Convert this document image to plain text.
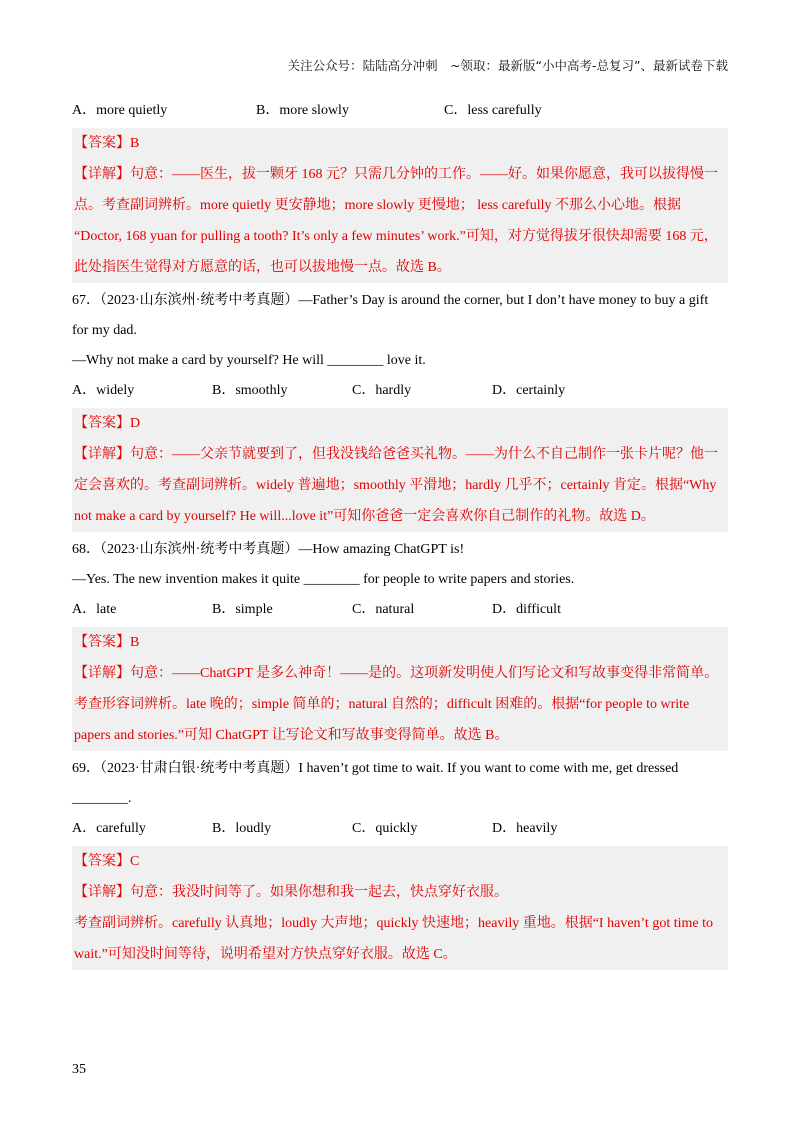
关注公众号：陆陆高分冲刺　~领取：最新版“小中高考-总复习”、最新试卷下载
A．more quietly	B．more slowly	C．less carefully
【答案】B
【详解】句意：——医生，拔一颗牙 168 元？只需几分钟的工作。——好。如果你愿意，我可以拔得慢一
点。考查副词辨析。more quietly 更安静地；more slowly 更慢地； less carefully 不那么小心地。根据
“Doctor, 168 yuan for pulling a tooth? It’s only a few minutes’ work.”可知，对方觉得拔牙很快却需要 168 元，
此处指医生觉得对方愿意的话，也可以拔地慢一点。故选 B。
67．（2023·山东滨州·统考中考真题）—Father’s Day is around the corner, but I don’t have money to buy a gift
for my dad.
—Why not make a card by yourself? He will ________ love it.
A．widely	B．smoothly	C．hardly	D．certainly
【答案】D
【详解】句意：——父亲节就要到了，但我没钱给爸爸买礼物。——为什么不自己制作一张卡片呢？他一
定会喜欢的。考查副词辨析。widely 普遍地；smoothly 平滑地；hardly 几乎不；certainly 肯定。根据“Why
not make a card by yourself? He will...love it”可知你爸爸一定会喜欢你自己制作的礼物。故选 D。
68．（2023·山东滨州·统考中考真题）—How amazing ChatGPT is!
—Yes. The new invention makes it quite ________ for people to write papers and stories.
A．late	B．simple	C．natural	D．difficult
【答案】B
【详解】句意：——ChatGPT 是多么神奇！——是的。这项新发明使人们写论文和写故事变得非常简单。
考查形容词辨析。late 晚的；simple 简单的；natural 自然的；difficult 困难的。根据“for people to write
papers and stories.”可知 ChatGPT 让写论文和写故事变得简单。故选 B。
69．（2023·甘肃白银·统考中考真题）I haven’t got time to wait. If you want to come with me, get dressed
________.
A．carefully	B．loudly	C．quickly	D．heavily
【答案】C
【详解】句意：我没时间等了。如果你想和我一起去，快点穿好衣服。
考查副词辨析。carefully 认真地；loudly 大声地；quickly 快速地；heavily 重地。根据“I haven’t got time to
wait.”可知没时间等待，说明希望对方快点穿好衣服。故选 C。
35
